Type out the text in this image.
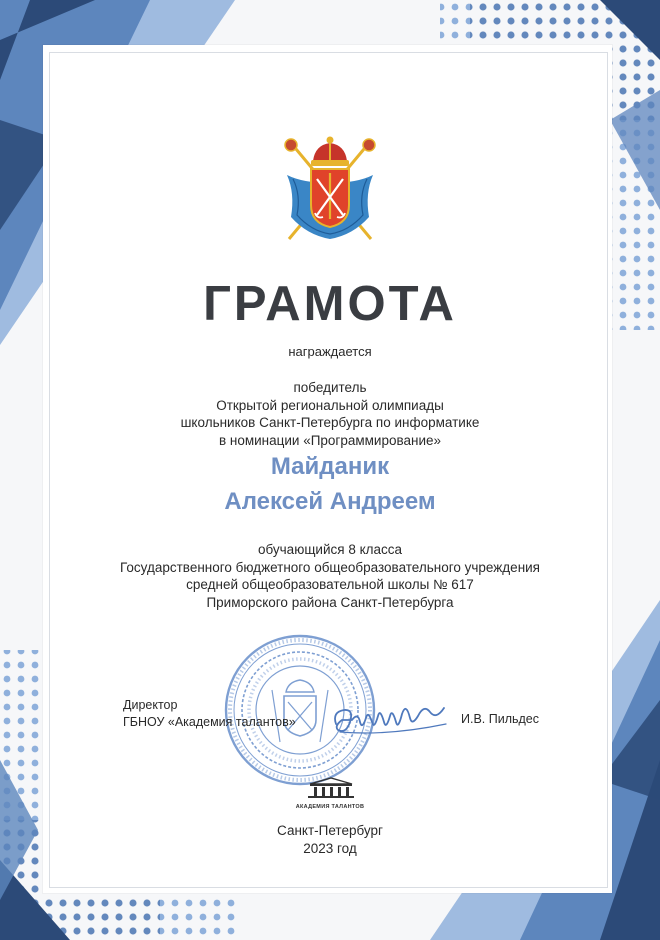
ГРАМОТА
награждается
победитель
Открытой региональной олимпиады
школьников Санкт-Петербурга по информатике
в номинации «Программирование»
Майданик
Алексей Андреем
обучающийся 8 класса
Государственного бюджетного общеобразовательного учреждения
средней общеобразовательной школы № 617
Приморского района Санкт-Петербурга
Директор
ГБНОУ «Академия талантов»	И.В. Пильдес
АКАДЕМИЯ ТАЛАНТОВ
Санкт-Петербург
2023 год
